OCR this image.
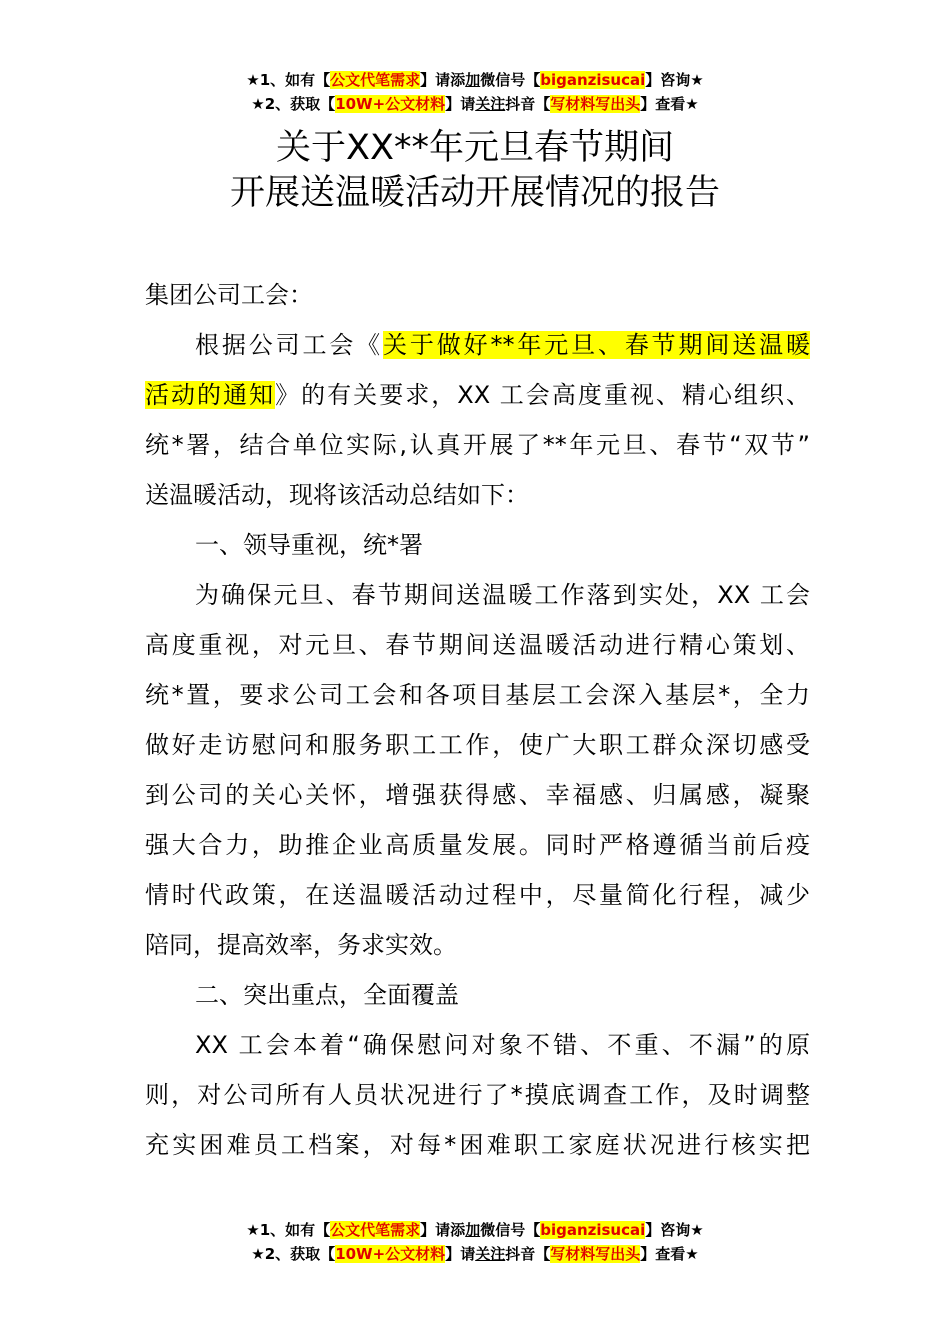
★1、如有【公文代笔需求】请添加微信号【biganzisucai】咨询★
★2、获取【10W+公文材料】请关注抖音【写材料写出头】查看★
关于XX**年元旦春节期间
开展送温暖活动开展情况的报告
集团公司工会：
根据公司工会《关于做好**年元旦、春节期间送温暖
活动的通知》的有关要求，XX 工会高度重视、精心组织、
统*署，结合单位实际,认真开展了**年元旦、春节“双节”
送温暖活动，现将该活动总结如下：
一、领导重视，统*署
为确保元旦、春节期间送温暖工作落到实处，XX 工会
高度重视，对元旦、春节期间送温暖活动进行精心策划、
统*置，要求公司工会和各项目基层工会深入基层*，全力
做好走访慰问和服务职工工作，使广大职工群众深切感受
到公司的关心关怀，增强获得感、幸福感、归属感，凝聚
强大合力，助推企业高质量发展。同时严格遵循当前后疫
情时代政策，在送温暖活动过程中，尽量简化行程，减少
陪同，提高效率，务求实效。
二、突出重点，全面覆盖
XX 工会本着“确保慰问对象不错、不重、不漏”的原
则，对公司所有人员状况进行了*摸底调查工作，及时调整
充实困难员工档案，对每*困难职工家庭状况进行核实把
★1、如有【公文代笔需求】请添加微信号【biganzisucai】咨询★
★2、获取【10W+公文材料】请关注抖音【写材料写出头】查看★
